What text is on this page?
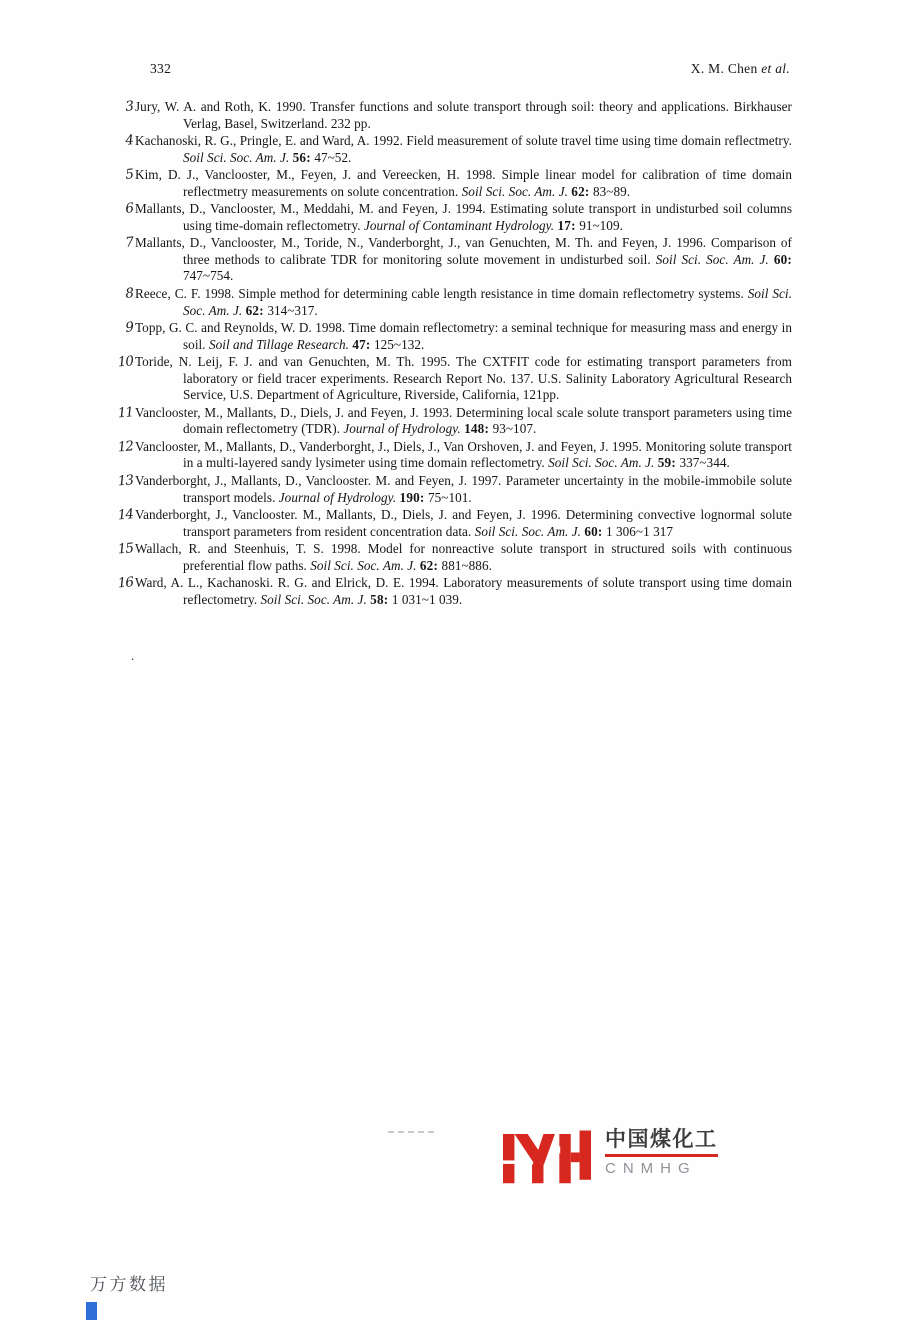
332	X. M. Chen et al.
3 Jury, W. A. and Roth, K. 1990. Transfer functions and solute transport through soil: theory and applications. Birkhauser Verlag, Basel, Switzerland. 232 pp.
4 Kachanoski, R. G., Pringle, E. and Ward, A. 1992. Field measurement of solute travel time using time domain reflectmetry. Soil Sci. Soc. Am. J. 56: 47~52.
5 Kim, D. J., Vanclooster, M., Feyen, J. and Vereecken, H. 1998. Simple linear model for calibration of time domain reflectmetry measurements on solute concentration. Soil Sci. Soc. Am. J. 62: 83~89.
6 Mallants, D., Vanclooster, M., Meddahi, M. and Feyen, J. 1994. Estimating solute transport in undisturbed soil columns using time-domain reflectometry. Journal of Contaminant Hydrology. 17: 91~109.
7 Mallants, D., Vanclooster, M., Toride, N., Vanderborght, J., van Genuchten, M. Th. and Feyen, J. 1996. Comparison of three methods to calibrate TDR for monitoring solute movement in undisturbed soil. Soil Sci. Soc. Am. J. 60: 747~754.
8 Reece, C. F. 1998. Simple method for determining cable length resistance in time domain reflectometry systems. Soil Sci. Soc. Am. J. 62: 314~317.
9 Topp, G. C. and Reynolds, W. D. 1998. Time domain reflectometry: a seminal technique for measuring mass and energy in soil. Soil and Tillage Research. 47: 125~132.
10 Toride, N. Leij, F. J. and van Genuchten, M. Th. 1995. The CXTFIT code for estimating transport parameters from laboratory or field tracer experiments. Research Report No. 137. U.S. Salinity Laboratory Agricultural Research Service, U.S. Department of Agriculture, Riverside, California, 121pp.
11 Vanclooster, M., Mallants, D., Diels, J. and Feyen, J. 1993. Determining local scale solute transport parameters using time domain reflectometry (TDR). Journal of Hydrology. 148: 93~107.
12 Vanclooster, M., Mallants, D., Vanderborght, J., Diels, J., Van Orshoven, J. and Feyen, J. 1995. Monitoring solute transport in a multi-layered sandy lysimeter using time domain reflectometry. Soil Sci. Soc. Am. J. 59: 337~344.
13 Vanderborght, J., Mallants, D., Vanclooster. M. and Feyen, J. 1997. Parameter uncertainty in the mobile-immobile solute transport models. Journal of Hydrology. 190: 75~101.
14 Vanderborght, J., Vanclooster. M., Mallants, D., Diels, J. and Feyen, J. 1996. Determining convective lognormal solute transport parameters from resident concentration data. Soil Sci. Soc. Am. J. 60: 1 306~1 317
15 Wallach, R. and Steenhuis, T. S. 1998. Model for nonreactive solute transport in structured soils with continuous preferential flow paths. Soil Sci. Soc. Am. J. 62: 881~886.
16 Ward, A. L., Kachanoski. R. G. and Elrick, D. E. 1994. Laboratory measurements of solute transport using time domain reflectometry. Soil Sci. Soc. Am. J. 58: 1 031~1 039.
.
中国煤化工
CNMHG
万方数据
